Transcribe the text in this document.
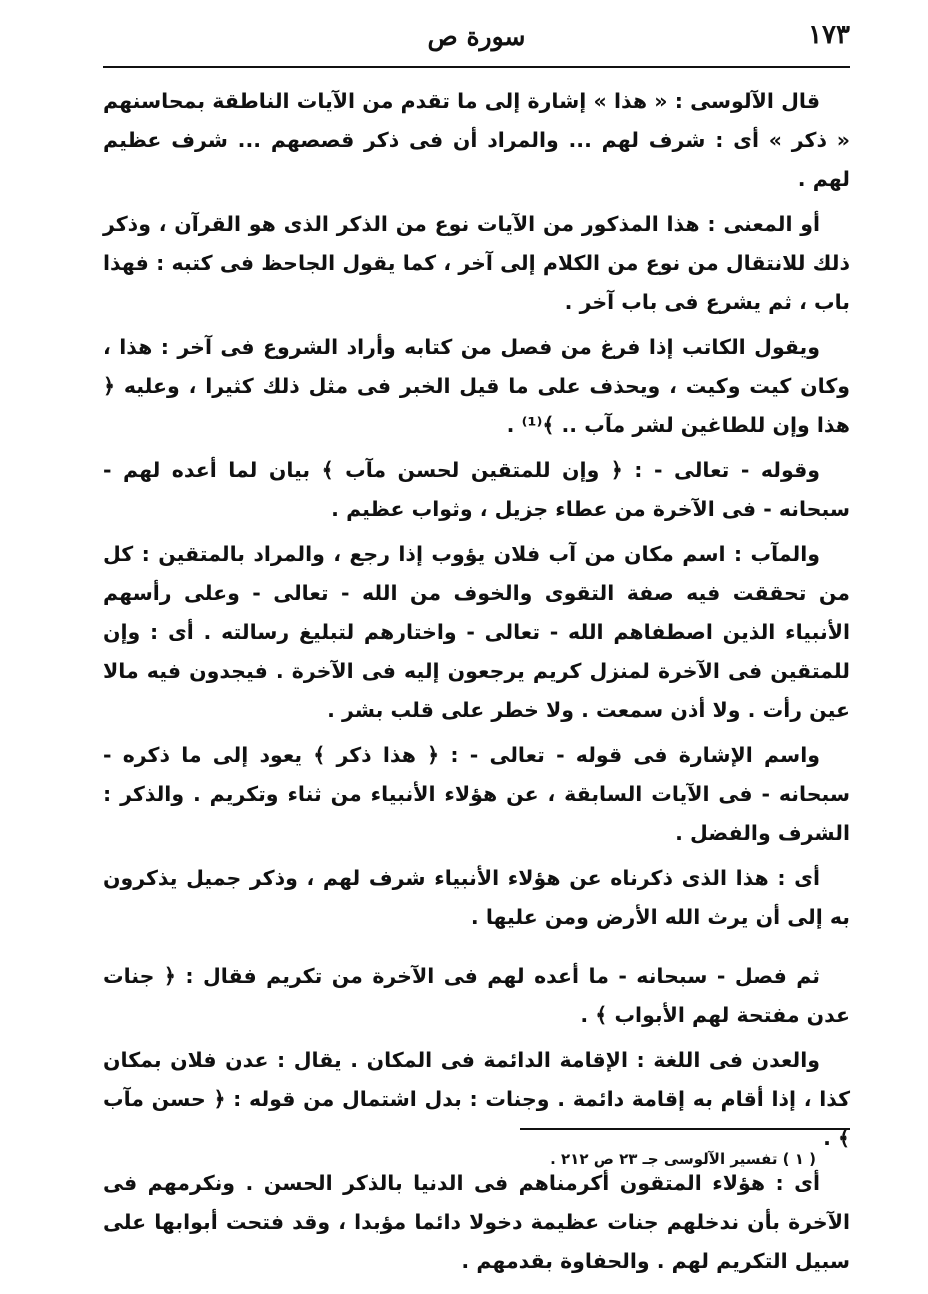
١٧٣
سورة ص

قال الآلوسى : « هذا » إشارة إلى ما تقدم من الآيات الناطقة بمحاسنهم « ذكر » أى : شرف لهم ... والمراد أن فى ذكر قصصهم ... شرف عظيم لهم .

أو المعنى : هذا المذكور من الآيات نوع من الذكر الذى هو القرآن ، وذكر ذلك للانتقال من نوع من الكلام إلى آخر ، كما يقول الجاحظ فى كتبه : فهذا باب ، ثم يشرع فى باب آخر .

ويقول الكاتب إذا فرغ من فصل من كتابه وأراد الشروع فى آخر : هذا ، وكان كيت وكيت ، ويحذف على ما قيل الخبر فى مثل ذلك كثيرا ، وعليه ﴿ هذا وإن للطاغين لشر مآب .. ﴾⁽¹⁾ .

وقوله - تعالى - : ﴿ وإن للمتقين لحسن مآب ﴾ بيان لما أعده لهم - سبحانه - فى الآخرة من عطاء جزيل ، وثواب عظيم .

والمآب : اسم مكان من آب فلان يؤوب إذا رجع ، والمراد بالمتقين : كل من تحققت فيه صفة التقوى والخوف من الله - تعالى - وعلى رأسهم الأنبياء الذين اصطفاهم الله - تعالى - واختارهم لتبليغ رسالته . أى : وإن للمتقين فى الآخرة لمنزل كريم يرجعون إليه فى الآخرة . فيجدون فيه مالا عين رأت . ولا أذن سمعت . ولا خطر على قلب بشر .

واسم الإشارة فى قوله - تعالى - : ﴿ هذا ذكر ﴾ يعود إلى ما ذكره - سبحانه - فى الآيات السابقة ، عن هؤلاء الأنبياء من ثناء وتكريم . والذكر : الشرف والفضل .

أى : هذا الذى ذكرناه عن هؤلاء الأنبياء شرف لهم ، وذكر جميل يذكرون به إلى أن يرث الله الأرض ومن عليها .

ثم فصل - سبحانه - ما أعده لهم فى الآخرة من تكريم فقال : ﴿ جنات عدن مفتحة لهم الأبواب ﴾ .

والعدن فى اللغة : الإقامة الدائمة فى المكان . يقال : عدن فلان بمكان كذا ، إذا أقام به إقامة دائمة . وجنات : بدل اشتمال من قوله : ﴿ حسن مآب ﴾ .

أى : هؤلاء المتقون أكرمناهم فى الدنيا بالذكر الحسن . ونكرمهم فى الآخرة بأن ندخلهم جنات عظيمة دخولا دائما مؤبدا ، وقد فتحت أبوابها على سبيل التكريم لهم . والحفاوة بقدمهم .

( ١ ) تفسير الآلوسى جـ ٢٣ ص ٢١٢ .
